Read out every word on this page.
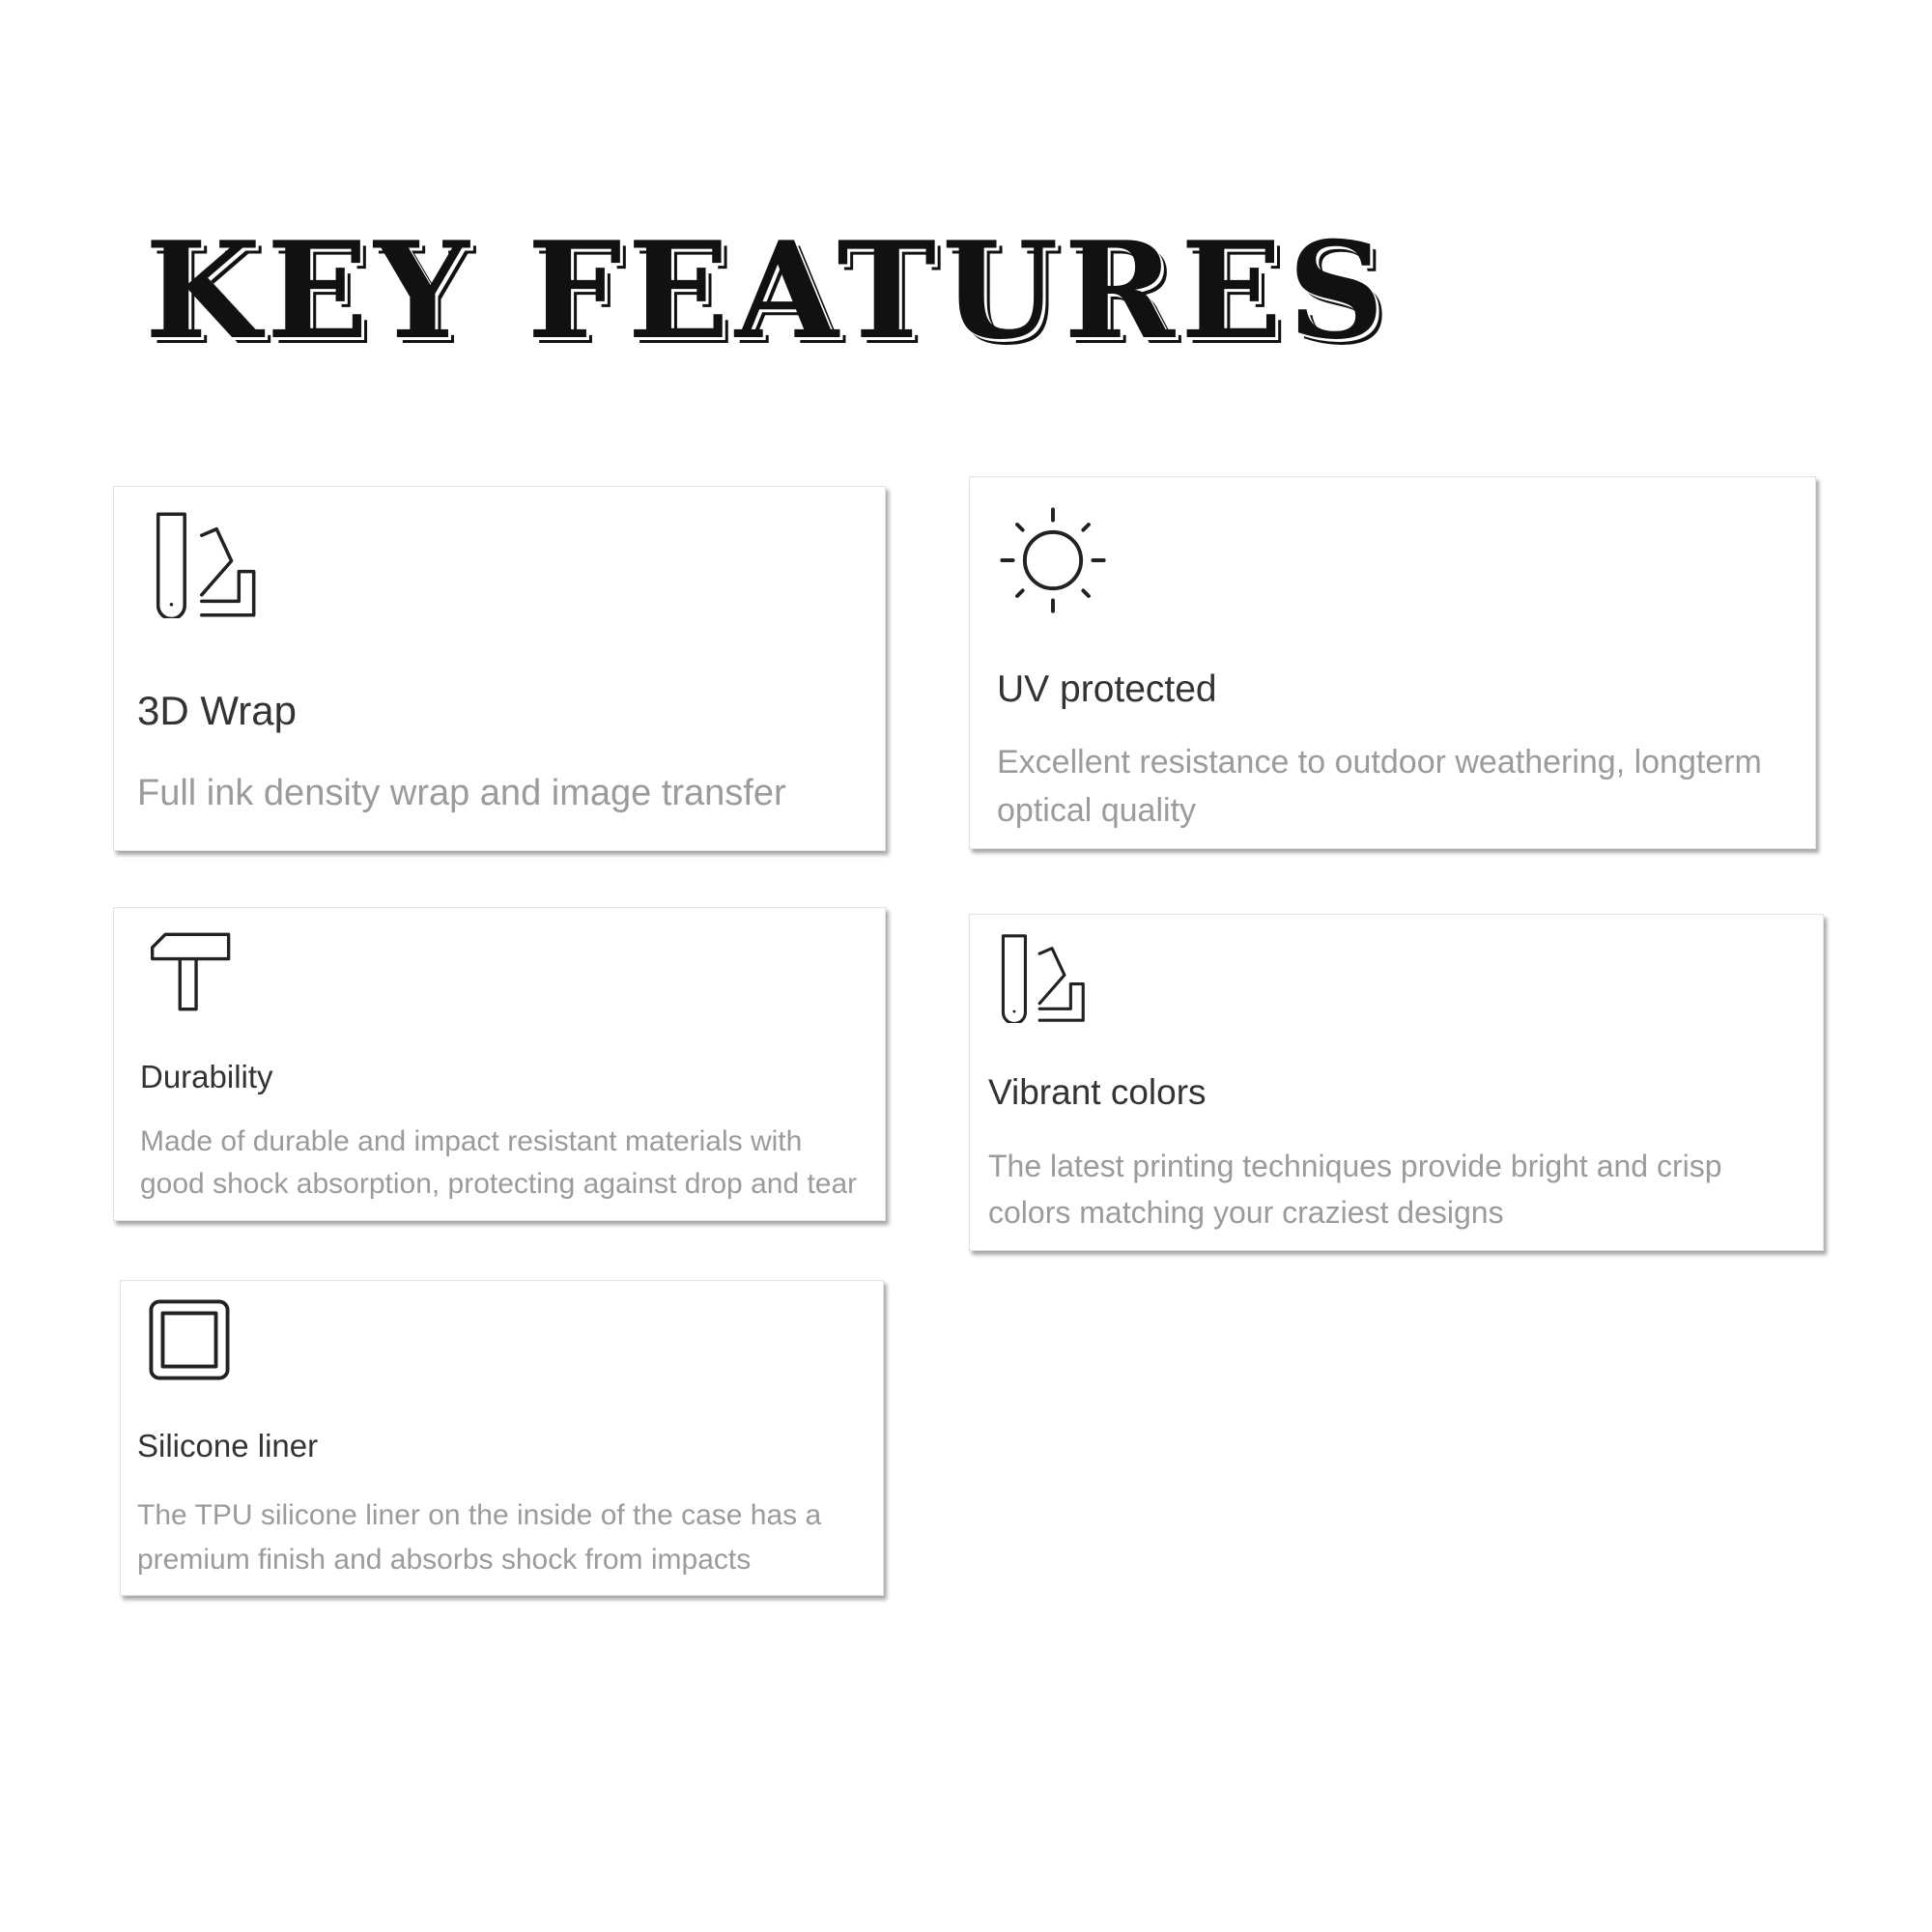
KEY FEATURES

3D Wrap

Full ink density wrap and image transfer

UV protected

Excellent resistance to outdoor weathering, longterm optical quality

Durability

Made of durable and impact resistant materials with good shock absorption, protecting against drop and tear

Vibrant colors

The latest printing techniques provide bright and crisp colors matching your craziest designs

Silicone liner

The TPU silicone liner on the inside of the case has a premium finish and absorbs shock from impacts
